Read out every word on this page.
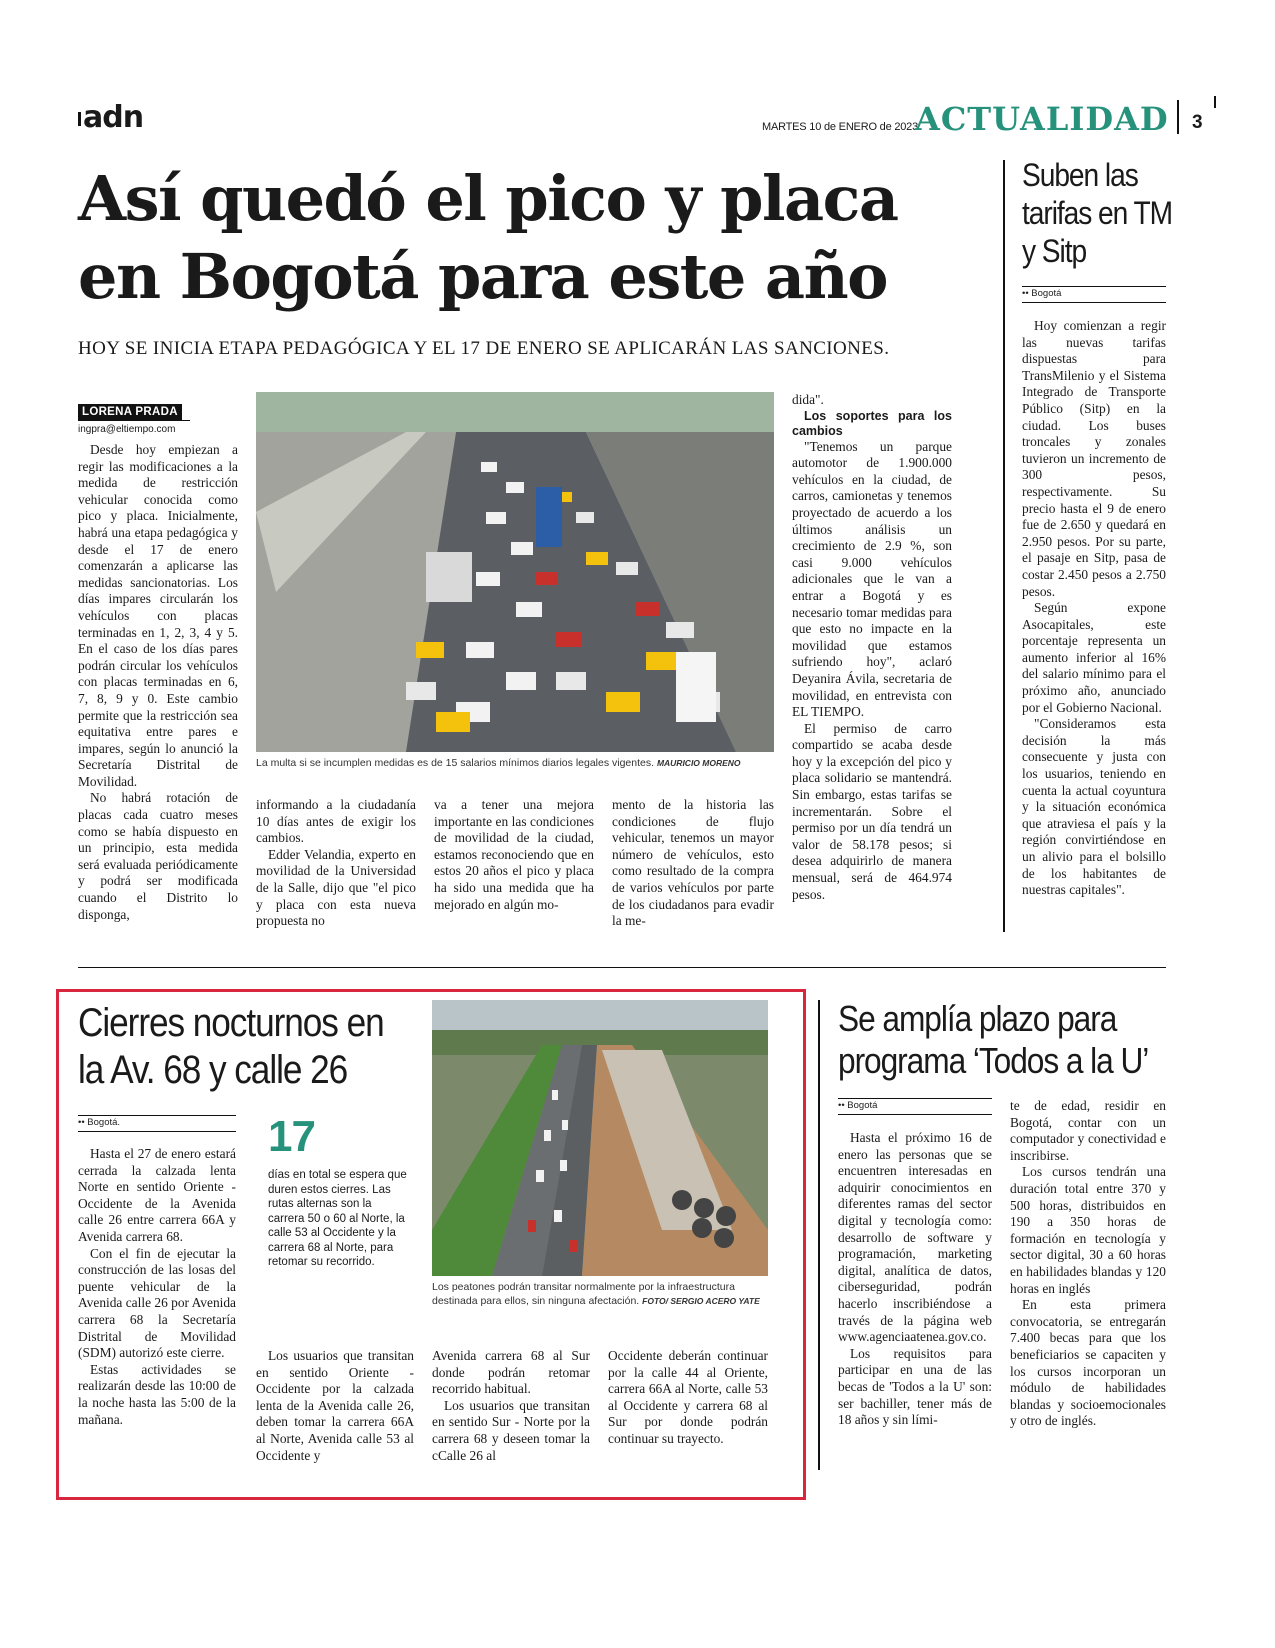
adn	MARTES 10 de ENERO de 2023
ACTUALIDAD 3
Así quedó el pico y placa
en Bogotá para este año
HOY SE INICIA ETAPA PEDAGÓGICA Y EL 17 DE ENERO SE APLICARÁN LAS SANCIONES.
LORENA PRADA
ingpra@eltiempo.com

Desde hoy empiezan a regir las modificaciones a la medida de restricción vehicular conocida como pico y placa. Inicialmente, habrá una etapa pedagógica y desde el 17 de enero comenzarán a aplicarse las medidas sancionatorias. Los días impares circularán los vehículos con placas terminadas en 1, 2, 3, 4 y 5. En el caso de los días pares podrán circular los vehículos con placas terminadas en 6, 7, 8, 9 y 0. Este cambio permite que la restricción sea equitativa entre pares e impares, según lo anunció la Secretaría Distrital de Movilidad.

No habrá rotación de placas cada cuatro meses como se había dispuesto en un principio, esta medida será evaluada periódicamente y podrá ser modificada cuando el Distrito lo disponga,

La multa si se incumplen medidas es de 15 salarios mínimos diarios legales vigentes. MAURICIO MORENO

informando a la ciudadanía 10 días antes de exigir los cambios.

Edder Velandia, experto en movilidad de la Universidad de la Salle, dijo que "el pico y placa con esta nueva propuesta no

va a tener una mejora importante en las condiciones de movilidad de la ciudad, estamos reconociendo que en estos 20 años el pico y placa ha sido una medida que ha mejorado en algún mo-

mento de la historia las condiciones de flujo vehicular, tenemos un mayor número de vehículos, esto como resultado de la compra de varios vehículos por parte de los ciudadanos para evadir la me-

dida".

Los soportes para los cambios

"Tenemos un parque automotor de 1.900.000 vehículos en la ciudad, de carros, camionetas y tenemos proyectado de acuerdo a los últimos análisis un crecimiento de 2.9 %, son casi 9.000 vehículos adicionales que le van a entrar a Bogotá y es necesario tomar medidas para que esto no impacte en la movilidad que estamos sufriendo hoy", aclaró Deyanira Ávila, secretaria de movilidad, en entrevista con EL TIEMPO.

El permiso de carro compartido se acaba desde hoy y la excepción del pico y placa solidario se mantendrá. Sin embargo, estas tarifas se incrementarán. Sobre el permiso por un día tendrá un valor de 58.178 pesos; si desea adquirirlo de manera mensual, será de 464.974 pesos.

Suben las tarifas en TM y Sitp
•• Bogotá

Hoy comienzan a regir las nuevas tarifas dispuestas para TransMilenio y el Sistema Integrado de Transporte Público (Sitp) en la ciudad. Los buses troncales y zonales tuvieron un incremento de 300 pesos, respectivamente. Su precio hasta el 9 de enero fue de 2.650 y quedará en 2.950 pesos. Por su parte, el pasaje en Sitp, pasa de costar 2.450 pesos a 2.750 pesos.

Según expone Asocapitales, este porcentaje representa un aumento inferior al 16% del salario mínimo para el próximo año, anunciado por el Gobierno Nacional.

"Consideramos esta decisión la más consecuente y justa con los usuarios, teniendo en cuenta la actual coyuntura y la situación económica que atraviesa el país y la región convirtiéndose en un alivio para el bolsillo de los habitantes de nuestras capitales".

Cierres nocturnos en
la Av. 68 y calle 26
•• Bogotá.

Hasta el 27 de enero estará cerrada la calzada lenta Norte en sentido Oriente - Occidente de la Avenida calle 26 entre carrera 66A y Avenida carrera 68.

Con el fin de ejecutar la construcción de las losas del puente vehicular de la Avenida calle 26 por Avenida carrera 68 la Secretaría Distrital de Movilidad (SDM) autorizó este cierre.

Estas actividades se realizarán desde las 10:00 de la noche hasta las 5:00 de la mañana.

17
días en total se espera que duren estos cierres. Las rutas alternas son la carrera 50 o 60 al Norte, la calle 53 al Occidente y la carrera 68 al Norte, para retomar su recorrido.
Los peatones podrán transitar normalmente por la infraestructura destinada para ellos, sin ninguna afectación. FOTO/ SERGIO ACERO YATE

Los usuarios que transitan en sentido Oriente - Occidente por la calzada lenta de la Avenida calle 26, deben tomar la carrera 66A al Norte, Avenida calle 53 al Occidente y

Avenida carrera 68 al Sur donde podrán retomar recorrido habitual.

Los usuarios que transitan en sentido Sur - Norte por la carrera 68 y deseen tomar la cCalle 26 al

Occidente deberán continuar por la calle 44 al Oriente, carrera 66A al Norte, calle 53 al Occidente y carrera 68 al Sur por donde podrán continuar su trayecto.

Se amplía plazo para
programa ‘Todos a la U’
•• Bogotá

Hasta el próximo 16 de enero las personas que se encuentren interesadas en adquirir conocimientos en diferentes ramas del sector digital y tecnología como: desarrollo de software y programación, marketing digital, analítica de datos, ciberseguridad, podrán hacerlo inscribiéndose a través de la página web www.agenciaatenea.gov.co.

Los requisitos para participar en una de las becas de 'Todos a la U' son: ser bachiller, tener más de 18 años y sin lími-

te de edad, residir en Bogotá, contar con un computador y conectividad e inscribirse.

Los cursos tendrán una duración total entre 370 y 500 horas, distribuidos en 190 a 350 horas de formación en tecnología y sector digital, 30 a 60 horas en habilidades blandas y 120 horas en inglés

En esta primera convocatoria, se entregarán 7.400 becas para que los beneficiarios se capaciten y los cursos incorporan un módulo de habilidades blandas y socioemocionales y otro de inglés.
